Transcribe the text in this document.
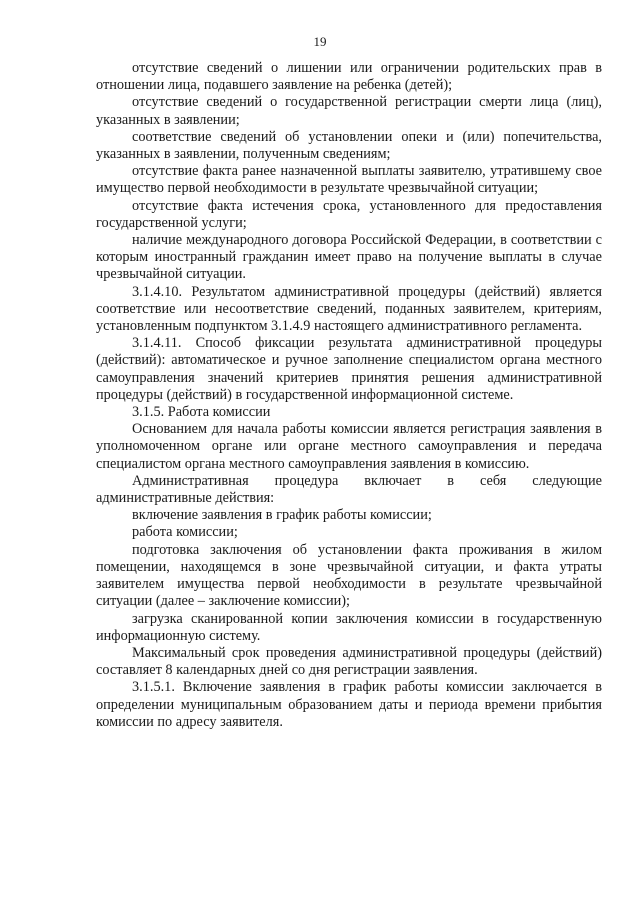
19

отсутствие сведений о лишении или ограничении родительских прав в отношении лица, подавшего заявление на ребенка (детей);

отсутствие сведений о государственной регистрации смерти лица (лиц), указанных в заявлении;

соответствие сведений об установлении опеки и (или) попечительства, указанных в заявлении, полученным сведениям;

отсутствие факта ранее назначенной выплаты заявителю, утратившему свое имущество первой необходимости в результате чрезвычайной ситуации;

отсутствие факта истечения срока, установленного для предоставления государственной услуги;

наличие международного договора Российской Федерации, в соответствии с которым иностранный гражданин имеет право на получение выплаты в случае чрезвычайной ситуации.

3.1.4.10. Результатом административной процедуры (действий) является соответствие или несоответствие сведений, поданных заявителем, критериям, установленным подпунктом 3.1.4.9 настоящего административного регламента.

3.1.4.11. Способ фиксации результата административной процедуры (действий): автоматическое и ручное заполнение специалистом органа местного самоуправления значений критериев принятия решения административной процедуры (действий) в государственной информационной системе.

3.1.5. Работа комиссии

Основанием для начала работы комиссии является регистрация заявления в уполномоченном органе или органе местного самоуправления и передача специалистом органа местного самоуправления заявления в комиссию.

Административная процедура включает в себя следующие административные действия:

включение заявления в график работы комиссии;

работа комиссии;

подготовка заключения об установлении факта проживания в жилом помещении, находящемся в зоне чрезвычайной ситуации, и факта утраты заявителем имущества первой необходимости в результате чрезвычайной ситуации (далее – заключение комиссии);

загрузка сканированной копии заключения комиссии в государственную информационную систему.

Максимальный срок проведения административной процедуры (действий) составляет 8 календарных дней со дня регистрации заявления.

3.1.5.1. Включение заявления в график работы комиссии заключается в определении муниципальным образованием даты и периода времени прибытия комиссии по адресу заявителя.
